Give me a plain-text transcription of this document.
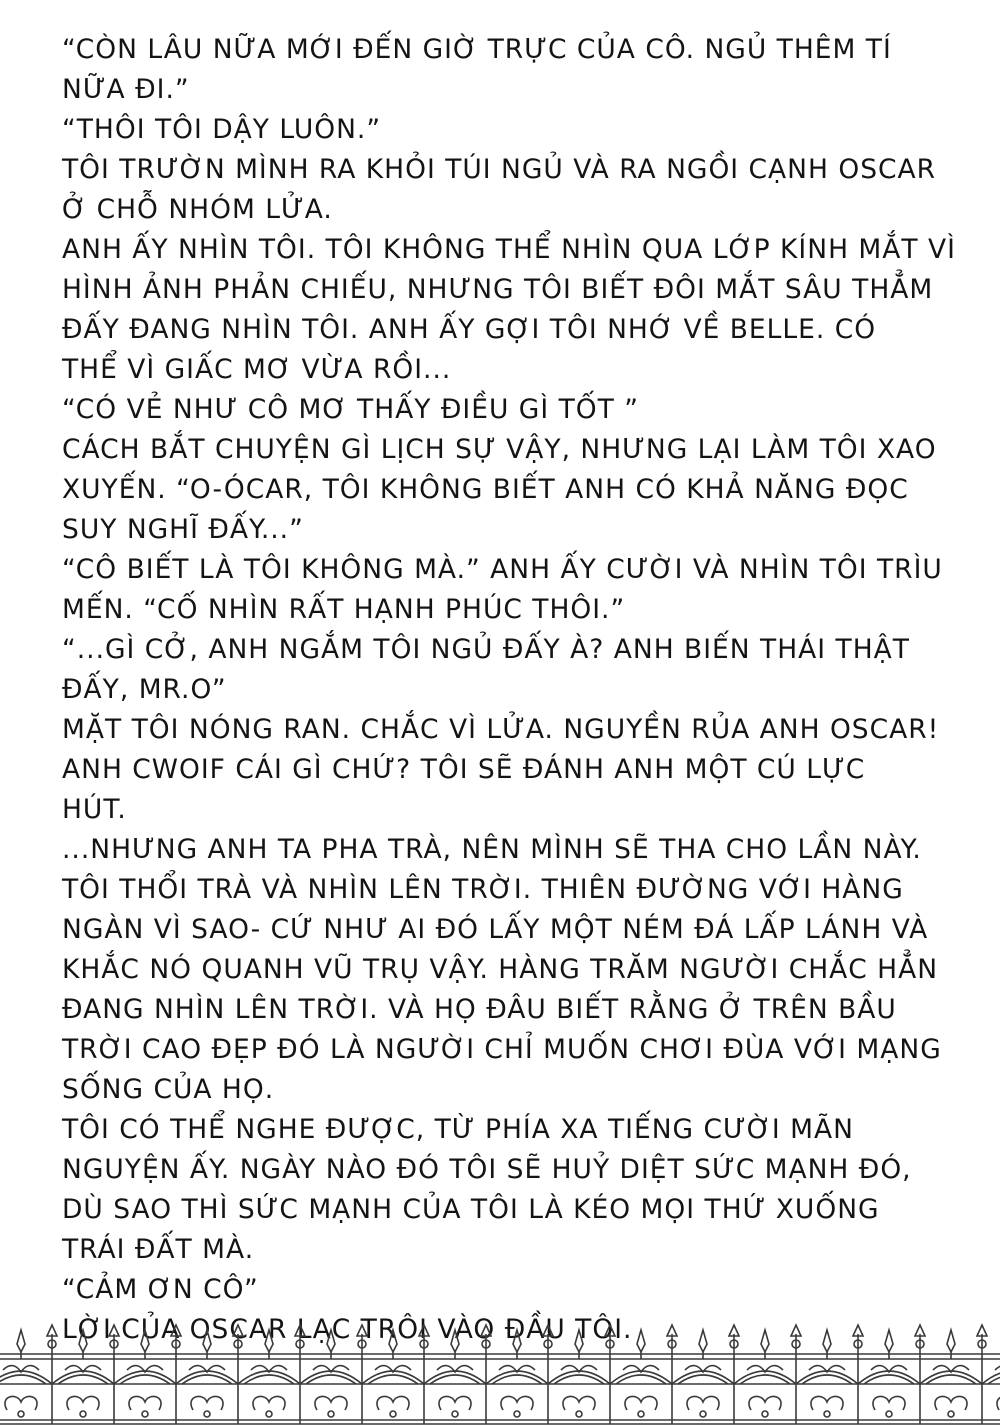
“CÒN LÂU NỮA MỚI ĐẾN GIỜ TRỰC CỦA CÔ. NGỦ THÊM TÍ
NỮA ĐI.”
“THÔI TÔI DẬY LUÔN.”
TÔI TRƯỜN MÌNH RA KHỎI TÚI NGỦ VÀ RA NGỒI CẠNH OSCAR
Ở CHỖ NHÓM LỬA.
ANH ẤY NHÌN TÔI. TÔI KHÔNG THỂ NHÌN QUA LỚP KÍNH MẮT VÌ
HÌNH ẢNH PHẢN CHIẾU, NHƯNG TÔI BIẾT ĐÔI MẮT SÂU THẲM
ĐẤY ĐANG NHÌN TÔI. ANH ẤY GỢI TÔI NHỚ VỀ BELLE. CÓ
THỂ VÌ GIẤC MƠ VỪA RỒI...
“CÓ VẺ NHƯ CÔ MƠ THẤY ĐIỀU GÌ TỐT ”
CÁCH BẮT CHUYỆN GÌ LỊCH SỰ VẬY, NHƯNG LẠI LÀM TÔI XAO
XUYẾN. “O-ÓCAR, TÔI KHÔNG BIẾT ANH CÓ KHẢ NĂNG ĐỌC
SUY NGHĨ ĐẤY...”
“CÔ BIẾT LÀ TÔI KHÔNG MÀ.” ANH ẤY CƯỜI VÀ NHÌN TÔI TRÌU
MẾN. “CỐ NHÌN RẤT HẠNH PHÚC THÔI.”
“...GÌ CỞ, ANH NGẮM TÔI NGỦ ĐẤY À? ANH BIẾN THÁI THẬT
ĐẤY, MR.O”
MẶT TÔI NÓNG RAN. CHẮC VÌ LỬA. NGUYỀN RỦA ANH OSCAR!
ANH CWOIF CÁI GÌ CHỨ? TÔI SẼ ĐÁNH ANH MỘT CÚ LỰC
HÚT.
...NHƯNG ANH TA PHA TRÀ, NÊN MÌNH SẼ THA CHO LẦN NÀY.
TÔI THỔI TRÀ VÀ NHÌN LÊN TRỜI. THIÊN ĐƯỜNG VỚI HÀNG
NGÀN VÌ SAO- CỨ NHƯ AI ĐÓ LẤY MỘT NÉM ĐÁ LẤP LÁNH VÀ
KHẮC NÓ QUANH VŨ TRỤ VẬY. HÀNG TRĂM NGƯỜI CHẮC HẲN
ĐANG NHÌN LÊN TRỜI. VÀ HỌ ĐÂU BIẾT RẰNG Ở TRÊN BẦU
TRỜI CAO ĐẸP ĐÓ LÀ NGƯỜI CHỈ MUỐN CHƠI ĐÙA VỚI MẠNG
SỐNG CỦA HỌ.
TÔI CÓ THỂ NGHE ĐƯỢC, TỪ PHÍA XA TIẾNG CƯỜI MÃN
NGUYỆN ẤY. NGÀY NÀO ĐÓ TÔI SẼ HUỶ DIỆT SỨC MẠNH ĐÓ,
DÙ SAO THÌ SỨC MẠNH CỦA TÔI LÀ KÉO MỌI THỨ XUỐNG
TRÁI ĐẤT MÀ.
“CẢM ƠN CÔ”
LỜI CỦA OSCAR LẠC TRÔI VÀO ĐẦU TÔI.
